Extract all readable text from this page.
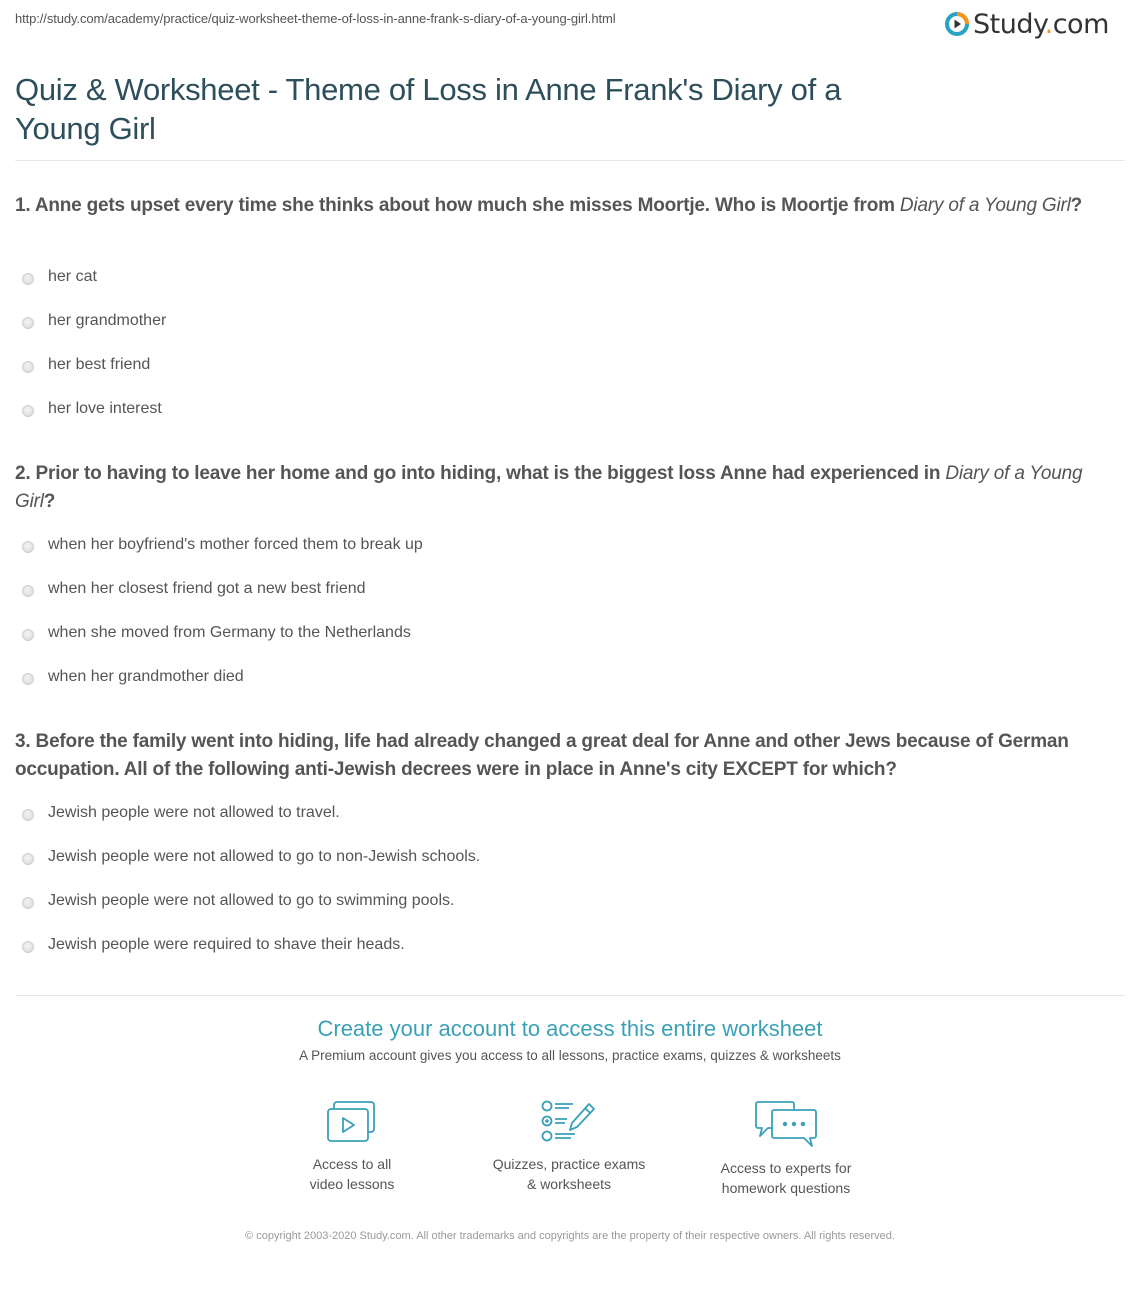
http://study.com/academy/practice/quiz-worksheet-theme-of-loss-in-anne-frank-s-diary-of-a-young-girl.html	Study.com
Quiz & Worksheet - Theme of Loss in Anne Frank's Diary of a Young Girl
1. Anne gets upset every time she thinks about how much she misses Moortje. Who is Moortje from Diary of a Young Girl?
her cat
her grandmother
her best friend
her love interest
2. Prior to having to leave her home and go into hiding, what is the biggest loss Anne had experienced in Diary of a Young Girl?
when her boyfriend's mother forced them to break up
when her closest friend got a new best friend
when she moved from Germany to the Netherlands
when her grandmother died
3. Before the family went into hiding, life had already changed a great deal for Anne and other Jews because of German occupation. All of the following anti-Jewish decrees were in place in Anne's city EXCEPT for which?
Jewish people were not allowed to travel.
Jewish people were not allowed to go to non-Jewish schools.
Jewish people were not allowed to go to swimming pools.
Jewish people were required to shave their heads.
Create your account to access this entire worksheet
A Premium account gives you access to all lessons, practice exams, quizzes & worksheets
Access to all
video lessons
Quizzes, practice exams
& worksheets
Access to experts for
homework questions
© copyright 2003-2020 Study.com. All other trademarks and copyrights are the property of their respective owners. All rights reserved.
